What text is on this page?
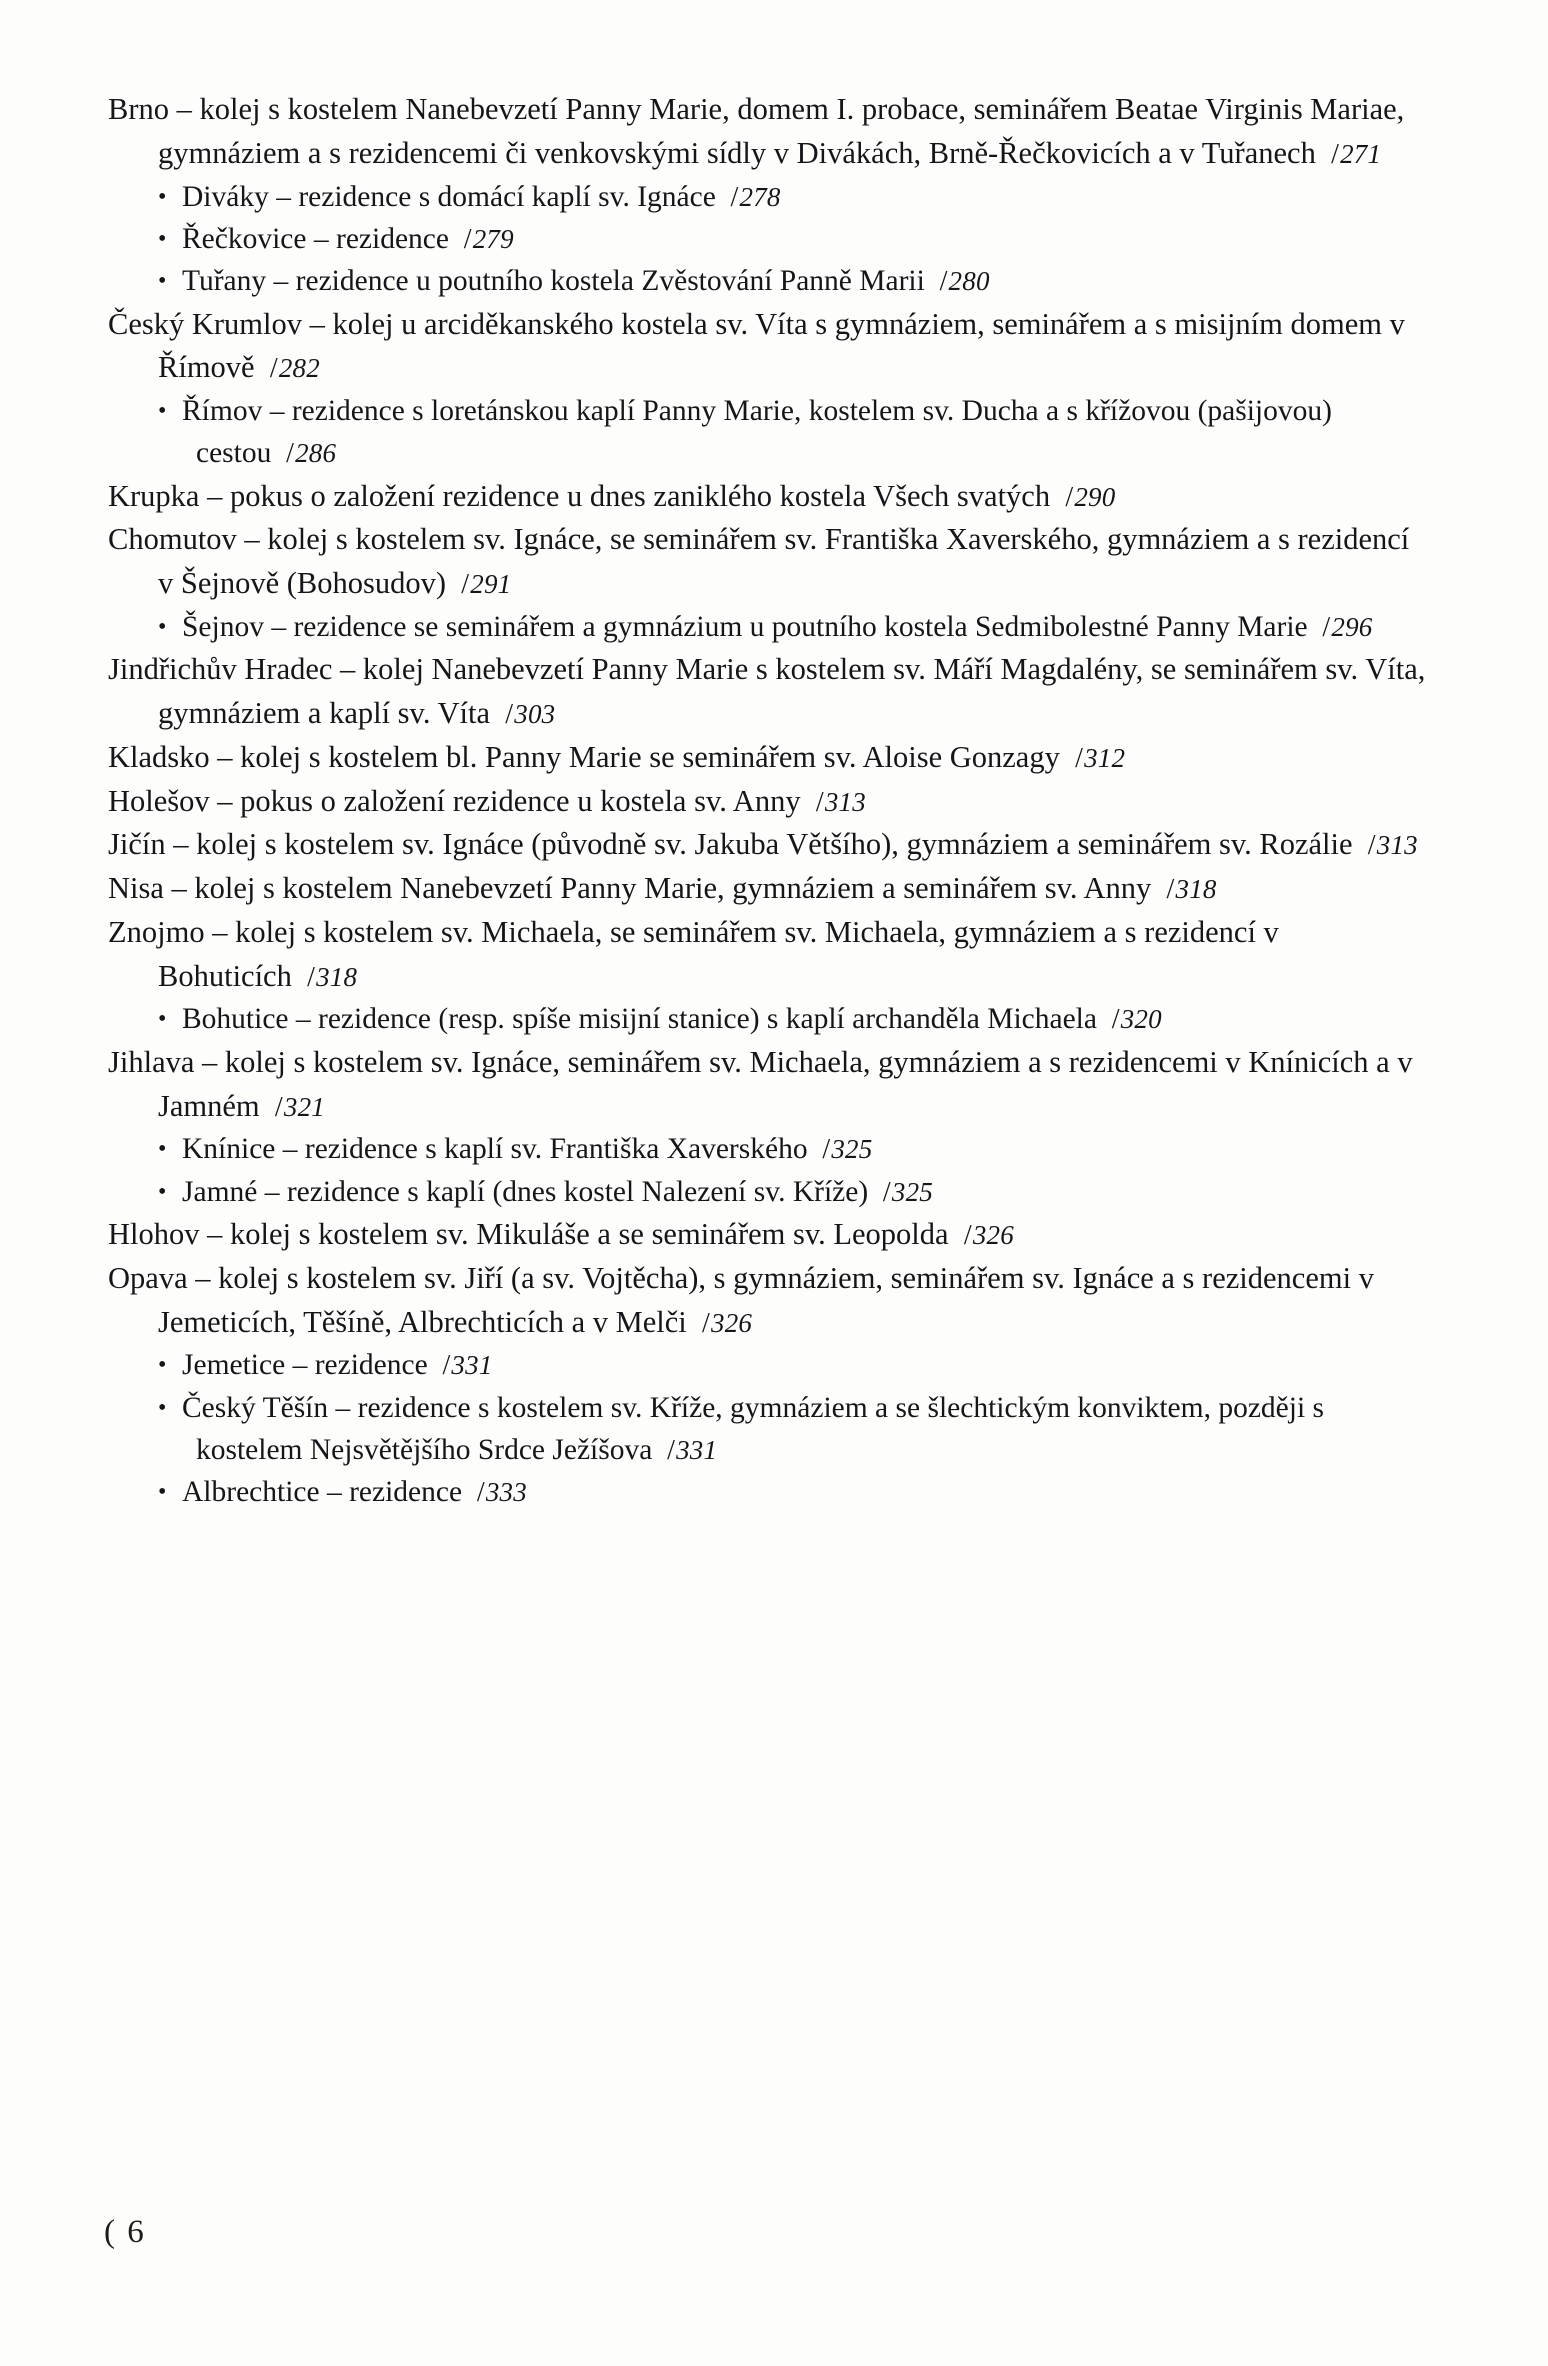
Brno – kolej s kostelem Nanebevzetí Panny Marie, domem I. probace, seminářem Beatae Virginis Mariae, gymnáziem a s rezidencemi či venkovskými sídly v Divákách, Brně-Řečkovicích a v Tuřanech /271
• Diváky – rezidence s domácí kaplí sv. Ignáce /278
• Řečkovice – rezidence /279
• Tuřany – rezidence u poutního kostela Zvěstování Panně Marii /280
Český Krumlov – kolej u arciděkanského kostela sv. Víta s gymnáziem, seminářem a s misijním domem v Římově /282
• Římov – rezidence s loretánskou kaplí Panny Marie, kostelem sv. Ducha a s křížovou (pašijovou) cestou /286
Krupka – pokus o založení rezidence u dnes zaniklého kostela Všech svatých /290
Chomutov – kolej s kostelem sv. Ignáce, se seminářem sv. Františka Xaverského, gymnáziem a s rezidencí v Šejnově (Bohosudov) /291
• Šejnov – rezidence se seminářem a gymnázium u poutního kostela Sedmibolestné Panny Marie /296
Jindřichův Hradec – kolej Nanebevzetí Panny Marie s kostelem sv. Máří Magdalény, se seminářem sv. Víta, gymnáziem a kaplí sv. Víta /303
Kladsko – kolej s kostelem bl. Panny Marie se seminářem sv. Aloise Gonzagy /312
Holešov – pokus o založení rezidence u kostela sv. Anny /313
Jičín – kolej s kostelem sv. Ignáce (původně sv. Jakuba Většího), gymnáziem a seminářem sv. Rozálie /313
Nisa – kolej s kostelem Nanebevzetí Panny Marie, gymnáziem a seminářem sv. Anny /318
Znojmo – kolej s kostelem sv. Michaela, se seminářem sv. Michaela, gymnáziem a s rezidencí v Bohuticích /318
• Bohutice – rezidence (resp. spíše misijní stanice) s kaplí archanděla Michaela /320
Jihlava – kolej s kostelem sv. Ignáce, seminářem sv. Michaela, gymnáziem a s rezidencemi v Knínicích a v Jamném /321
• Knínice – rezidence s kaplí sv. Františka Xaverského /325
• Jamné – rezidence s kaplí (dnes kostel Nalezení sv. Kříže) /325
Hlohov – kolej s kostelem sv. Mikuláše a se seminářem sv. Leopolda /326
Opava – kolej s kostelem sv. Jiří (a sv. Vojtěcha), s gymnáziem, seminářem sv. Ignáce a s rezidencemi v Jemeticích, Těšíně, Albrechticích a v Melči /326
• Jemetice – rezidence /331
• Český Těšín – rezidence s kostelem sv. Kříže, gymnáziem a se šlechtickým konviktem, později s kostelem Nejsvětějšího Srdce Ježíšova /331
• Albrechtice – rezidence /333
( 6
